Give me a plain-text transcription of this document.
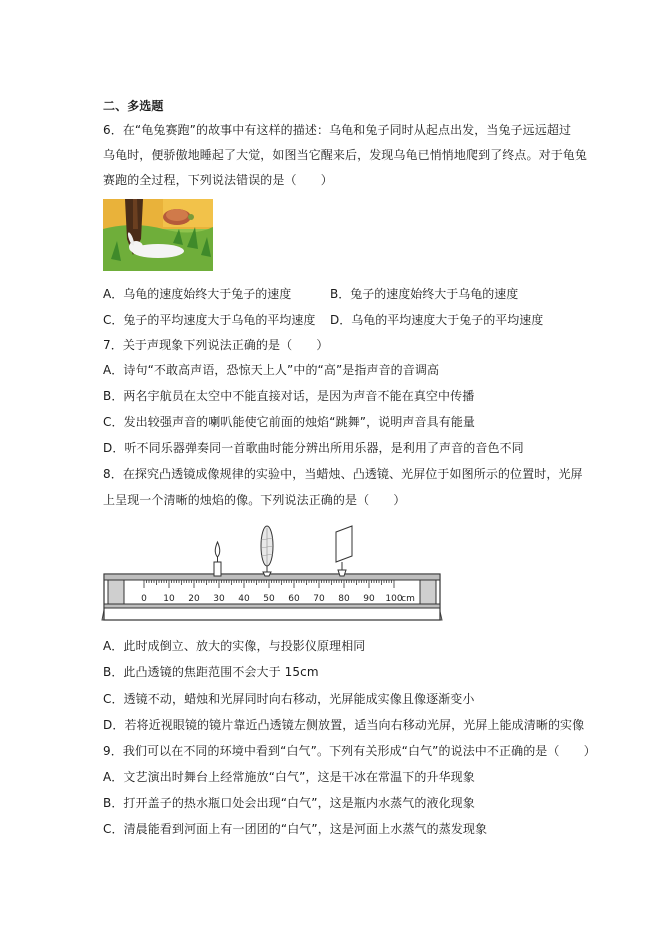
二、多选题
6．在“龟兔赛跑”的故事中有这样的描述：乌龟和兔子同时从起点出发，当兔子远远超过
乌龟时，便骄傲地睡起了大觉，如图当它醒来后，发现乌龟已悄悄地爬到了终点。对于龟兔
赛跑的全过程，下列说法错误的是（　　）
A．乌龟的速度始终大于兔子的速度	B．兔子的速度始终大于乌龟的速度
C．兔子的平均速度大于乌龟的平均速度 D．乌龟的平均速度大于兔子的平均速度
7．关于声现象下列说法正确的是（　　）
A．诗句“不敢高声语，恐惊天上人”中的“高”是指声音的音调高
B．两名宇航员在太空中不能直接对话，是因为声音不能在真空中传播
C．发出较强声音的喇叭能使它前面的烛焰“跳舞”，说明声音具有能量
D．听不同乐器弹奏同一首歌曲时能分辨出所用乐器，是利用了声音的音色不同
8．在探究凸透镜成像规律的实验中，当蜡烛、凸透镜、光屏位于如图所示的位置时，光屏
上呈现一个清晰的烛焰的像。下列说法正确的是（　　）
0 10 20 30 40 50 60 70 80 90 100
cm
A．此时成倒立、放大的实像，与投影仪原理相同
B．此凸透镜的焦距范围不会大于 15cm
C．透镜不动，蜡烛和光屏同时向右移动，光屏能成实像且像逐渐变小
D．若将近视眼镜的镜片靠近凸透镜左侧放置，适当向右移动光屏，光屏上能成清晰的实像
9．我们可以在不同的环境中看到“白气”。下列有关形成“白气”的说法中不正确的是（　　）
A．文艺演出时舞台上经常施放“白气”，这是干冰在常温下的升华现象
B．打开盖子的热水瓶口处会出现“白气”，这是瓶内水蒸气的液化现象
C．清晨能看到河面上有一团团的“白气”，这是河面上水蒸气的蒸发现象
